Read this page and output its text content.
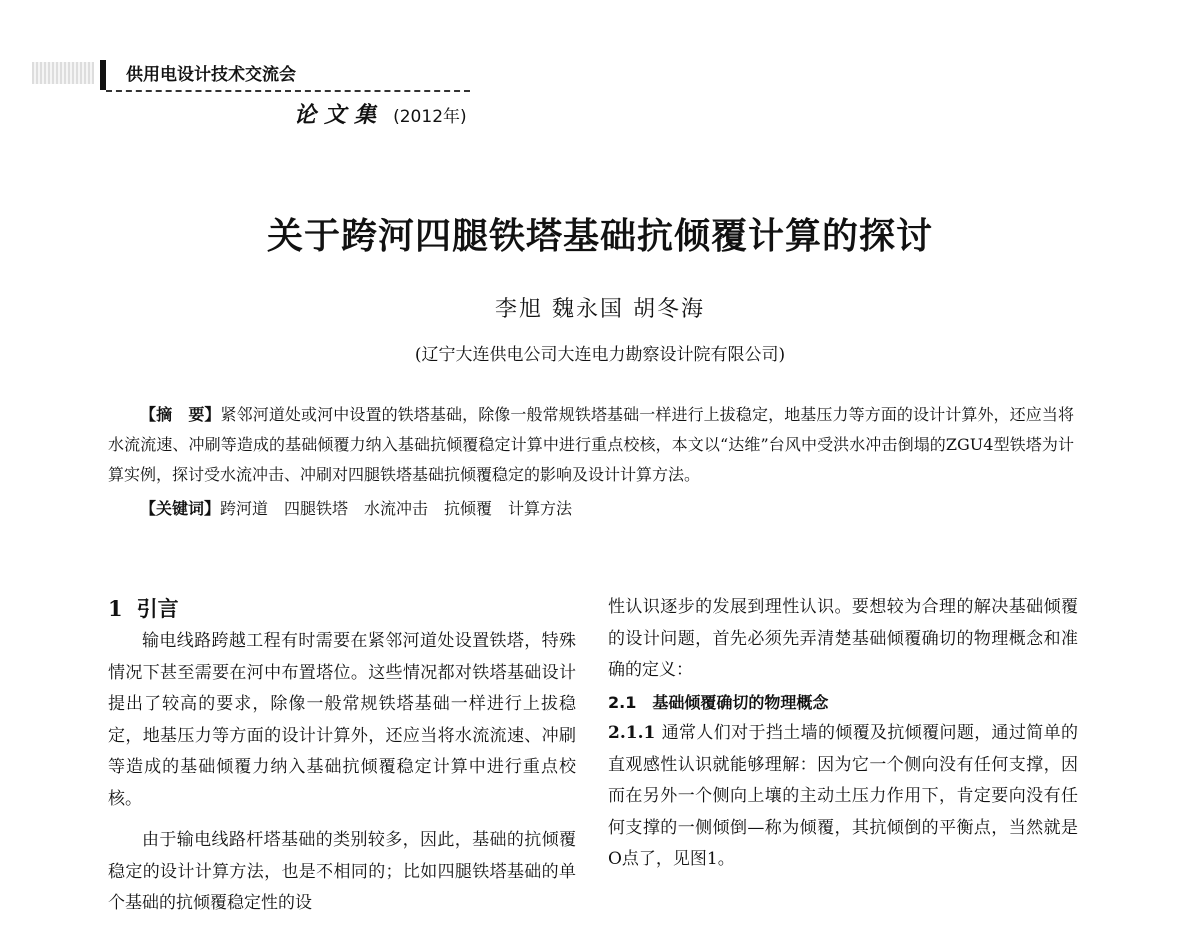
供用电设计技术交流会
论文集 (2012年)
关于跨河四腿铁塔基础抗倾覆计算的探讨
李旭 魏永国 胡冬海
(辽宁大连供电公司大连电力勘察设计院有限公司)

【摘　要】紧邻河道处或河中设置的铁塔基础，除像一般常规铁塔基础一样进行上拔稳定，地基压力等方面的设计计算外，还应当将水流流速、冲刷等造成的基础倾覆力纳入基础抗倾覆稳定计算中进行重点校核，本文以“达维”台风中受洪水冲击倒塌的ZGU4型铁塔为计算实例，探讨受水流冲击、冲刷对四腿铁塔基础抗倾覆稳定的影响及设计计算方法。

【关键词】跨河道　四腿铁塔　水流冲击　抗倾覆　计算方法

1 引言

输电线路跨越工程有时需要在紧邻河道处设置铁塔，特殊情况下甚至需要在河中布置塔位。这些情况都对铁塔基础设计提出了较高的要求，除像一般常规铁塔基础一样进行上拔稳定，地基压力等方面的设计计算外，还应当将水流流速、冲刷等造成的基础倾覆力纳入基础抗倾覆稳定计算中进行重点校核。

由于输电线路杆塔基础的类别较多，因此，基础的抗倾覆稳定的设计计算方法，也是不相同的；比如四腿铁塔基础的单个基础的抗倾覆稳定性的设

性认识逐步的发展到理性认识。要想较为合理的解决基础倾覆的设计问题，首先必须先弄清楚基础倾覆确切的物理概念和准确的定义：

2.1　基础倾覆确切的物理概念

2.1.1 通常人们对于挡土墙的倾覆及抗倾覆问题，通过简单的直观感性认识就能够理解：因为它一个侧向没有任何支撑，因而在另外一个侧向上壤的主动土压力作用下，肯定要向没有任何支撑的一侧倾倒—称为倾覆，其抗倾倒的平衡点，当然就是O点了，见图1。
